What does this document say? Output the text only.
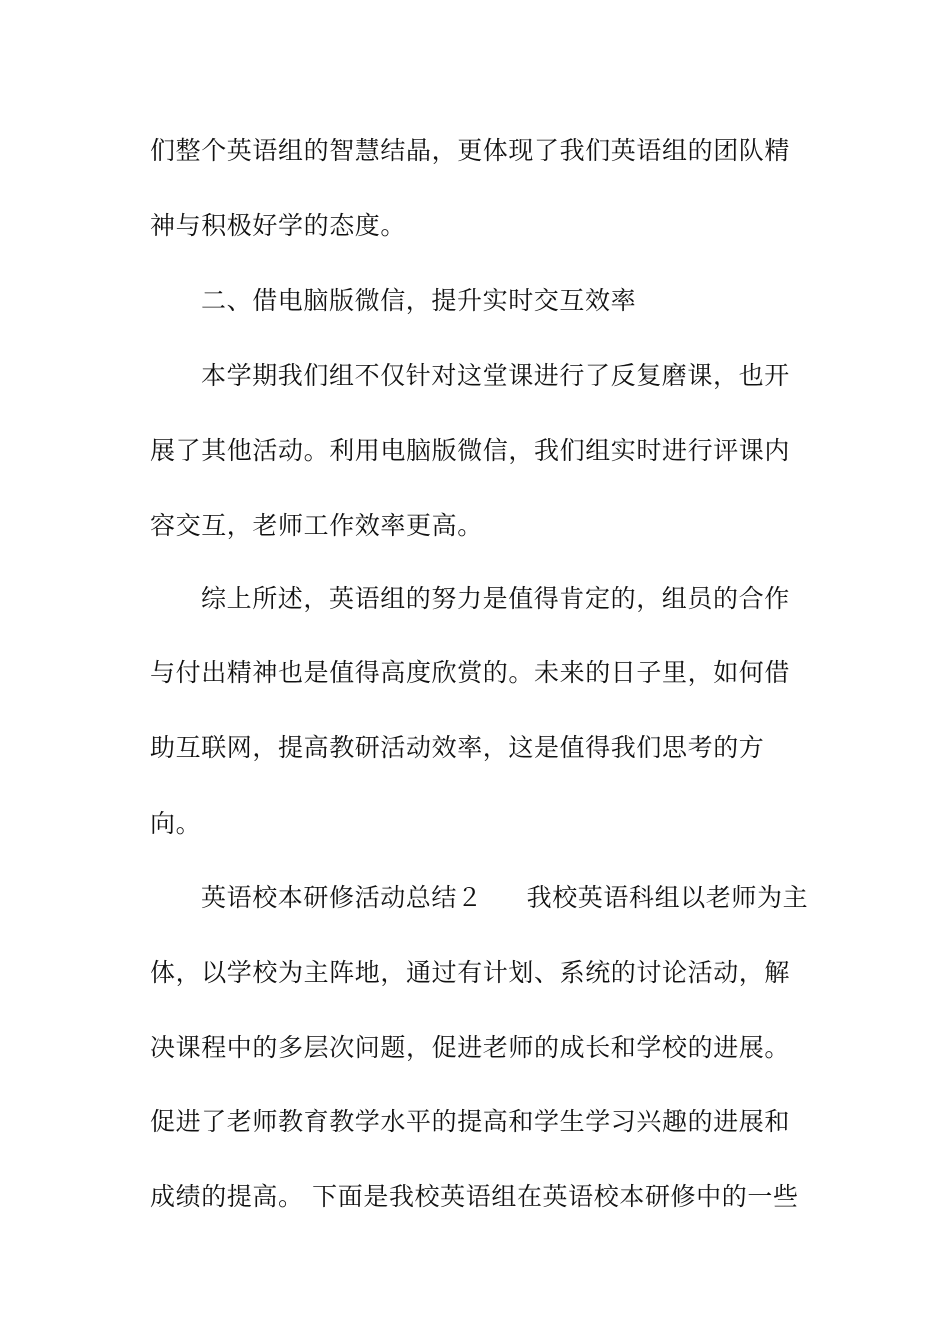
们整个英语组的智慧结晶，更体现了我们英语组的团队精
神与积极好学的态度。
二、借电脑版微信，提升实时交互效率
本学期我们组不仅针对这堂课进行了反复磨课，也开
展了其他活动。利用电脑版微信，我们组实时进行评课内
容交互，老师工作效率更高。
综上所述，英语组的努力是值得肯定的，组员的合作
与付出精神也是值得高度欣赏的。未来的日子里，如何借
助互联网，提高教研活动效率，这是值得我们思考的方
向。
英语校本研修活动总结２ 我校英语科组以老师为主
体，以学校为主阵地，通过有计划、系统的讨论活动，解
决课程中的多层次问题，促进老师的成长和学校的进展。
促进了老师教育教学水平的提高和学生学习兴趣的进展和
成绩的提高。 下面是我校英语组在英语校本研修中的一些
